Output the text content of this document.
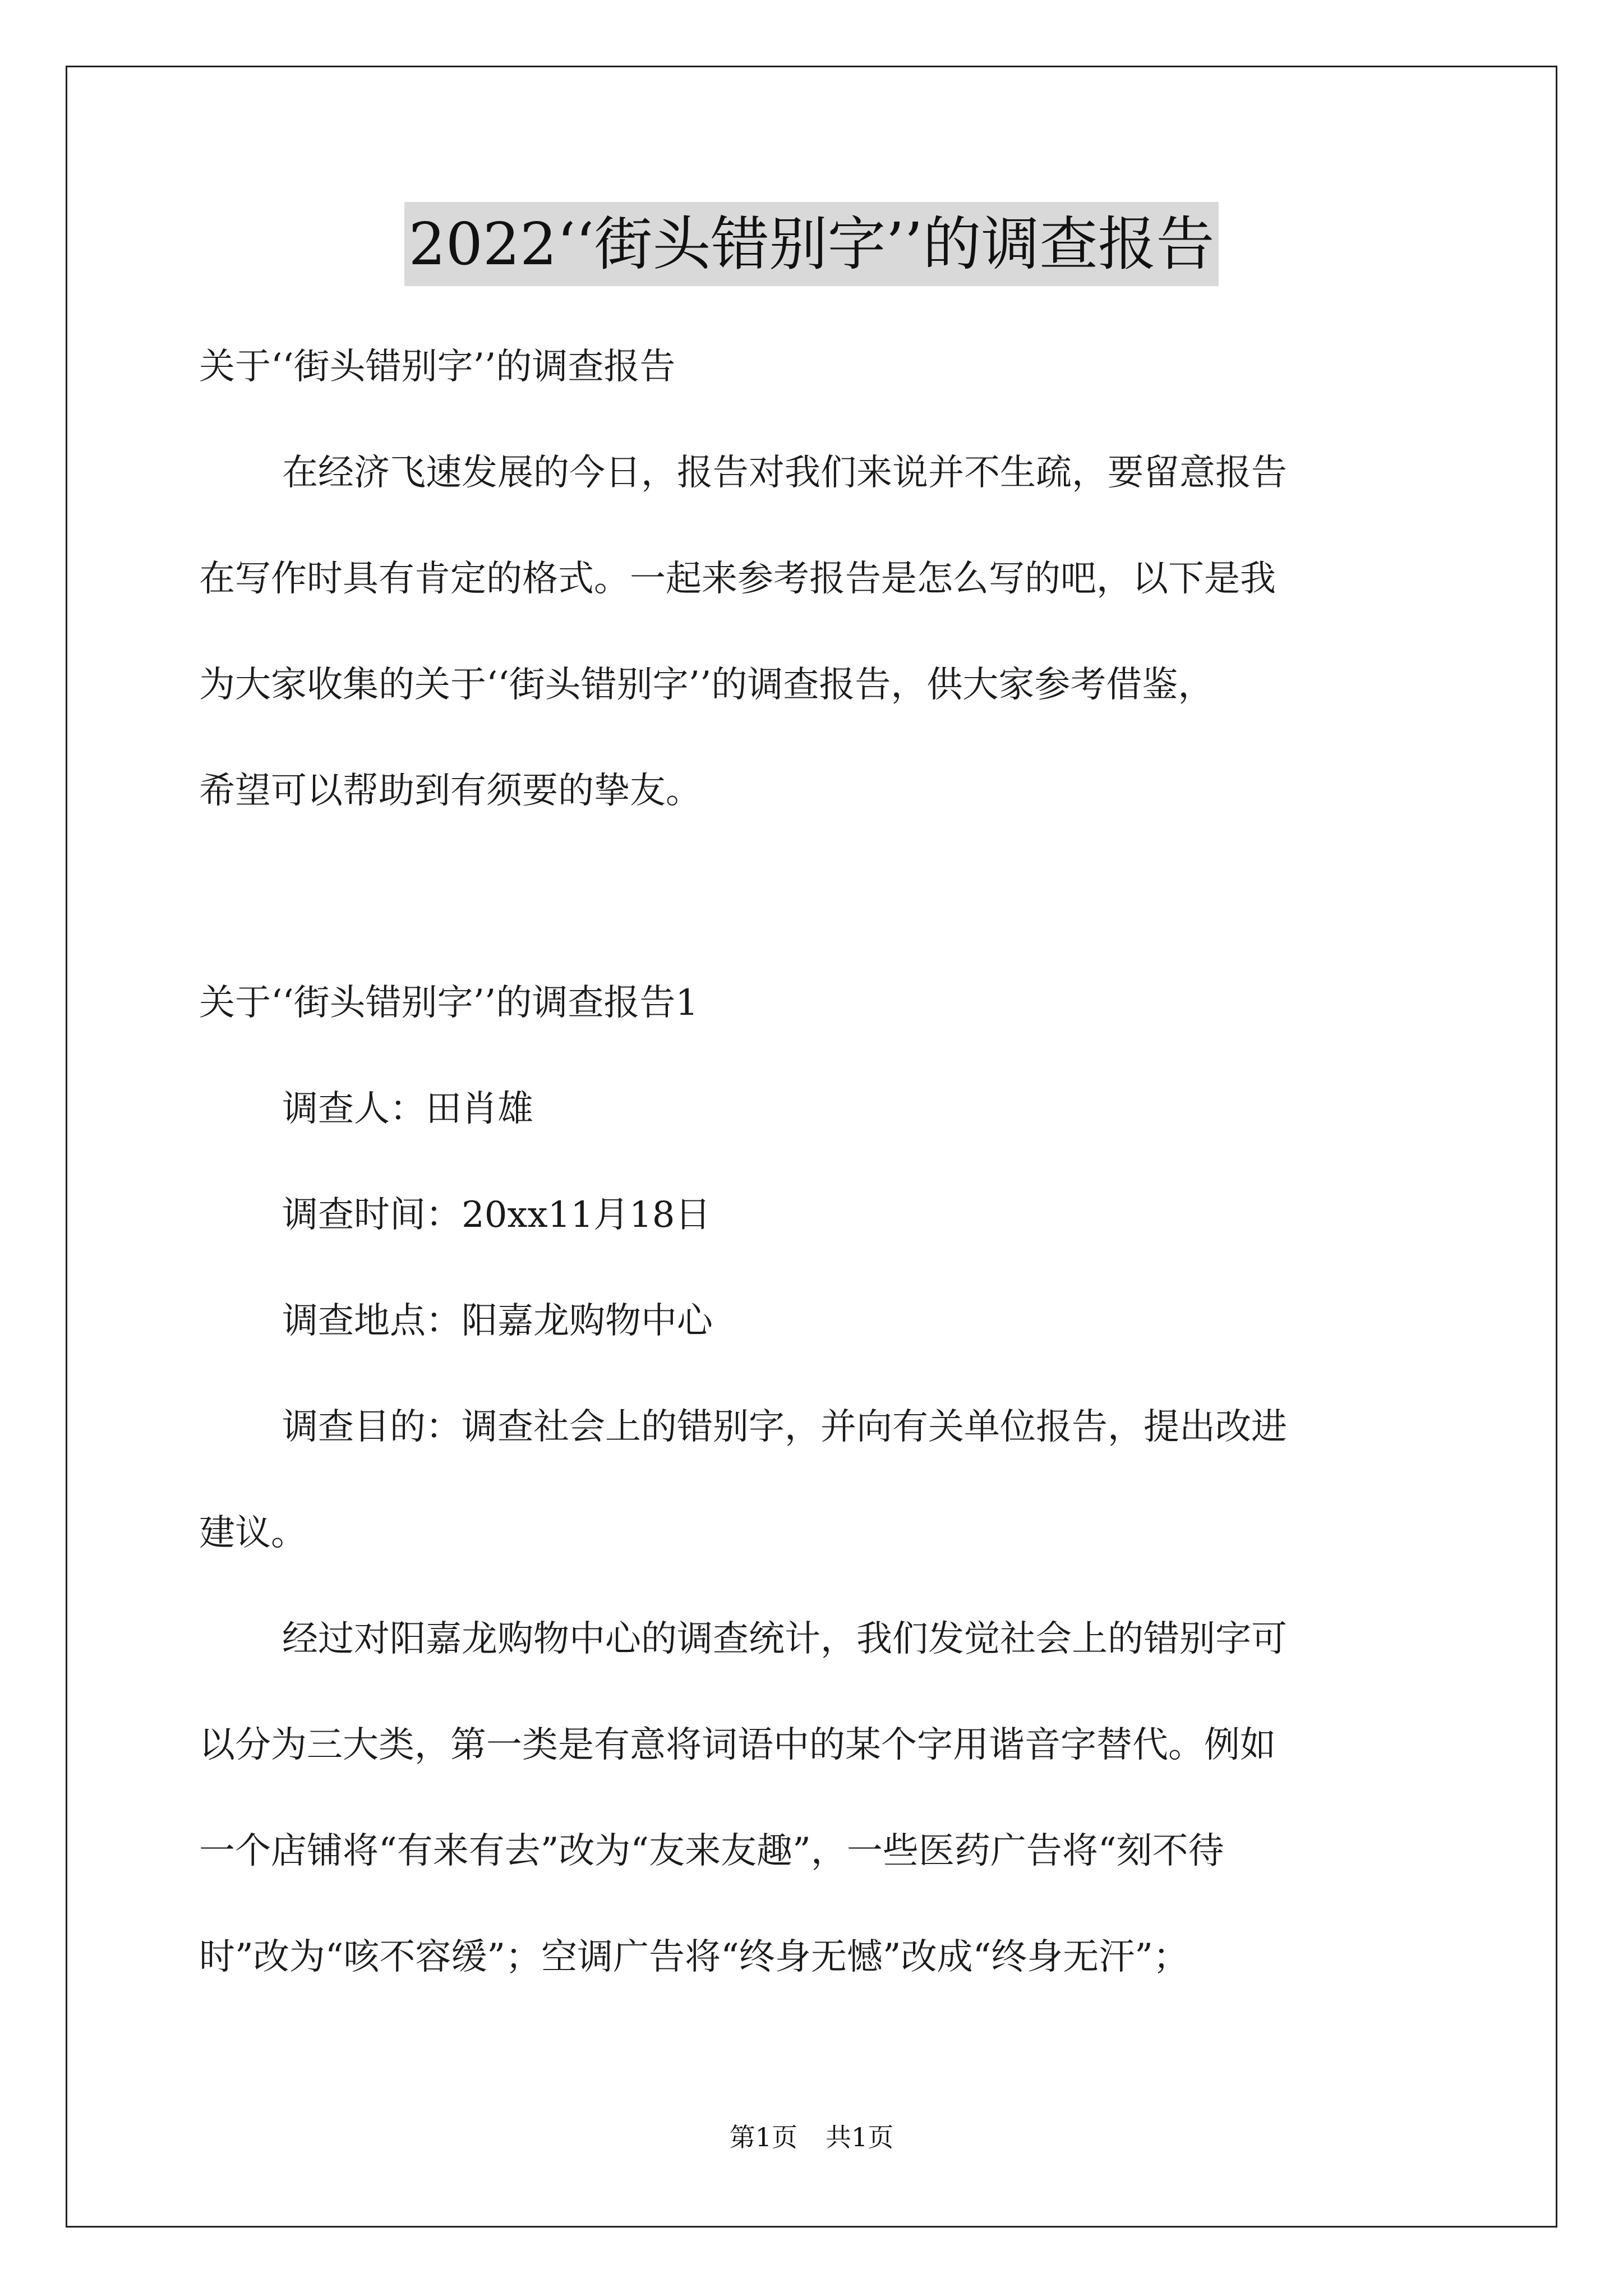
2022‘‘街头错别字’’的调查报告
关于‘‘街头错别字’’的调查报告
在经济飞速发展的今日，报告对我们来说并不生疏，要留意报告
在写作时具有肯定的格式。一起来参考报告是怎么写的吧，以下是我
为大家收集的关于‘‘街头错别字’’的调查报告，供大家参考借鉴，
希望可以帮助到有须要的挚友。
关于‘‘街头错别字’’的调查报告1
调查人：田肖雄
调查时间：20xx11月18日
调查地点：阳嘉龙购物中心
调查目的：调查社会上的错别字，并向有关单位报告，提出改进
建议。
经过对阳嘉龙购物中心的调查统计，我们发觉社会上的错别字可
以分为三大类，第一类是有意将词语中的某个字用谐音字替代。例如
一个店铺将“有来有去”改为“友来友趣”，一些医药广告将“刻不待
时”改为“咳不容缓”；空调广告将“终身无憾”改成“终身无汗”；
第1页 共1页
